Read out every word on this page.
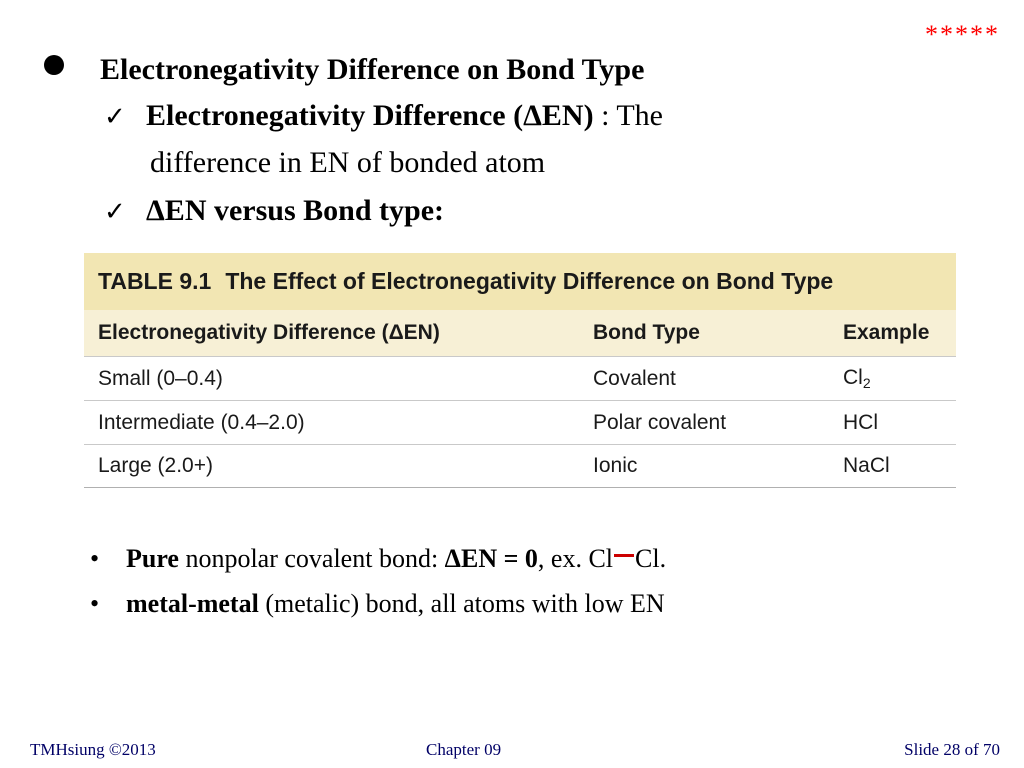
*****
Electronegativity Difference on Bond Type
✓ Electronegativity Difference (ΔEN) : The
difference in EN of bonded atom
✓ ΔEN versus Bond type:
TABLE 9.1 The Effect of Electronegativity Difference on Bond Type
Electronegativity Difference (ΔEN)	Bond Type	Example
Small (0–0.4)	Covalent	Cl2
Intermediate (0.4–2.0)	Polar covalent	HCl
Large (2.0+)	Ionic	NaCl
• Pure nonpolar covalent bond: ΔEN = 0, ex. Cl Cl.
• metal-metal (metalic) bond, all atoms with low EN
TMHsiung ©2013	Chapter 09	Slide 28 of 70
